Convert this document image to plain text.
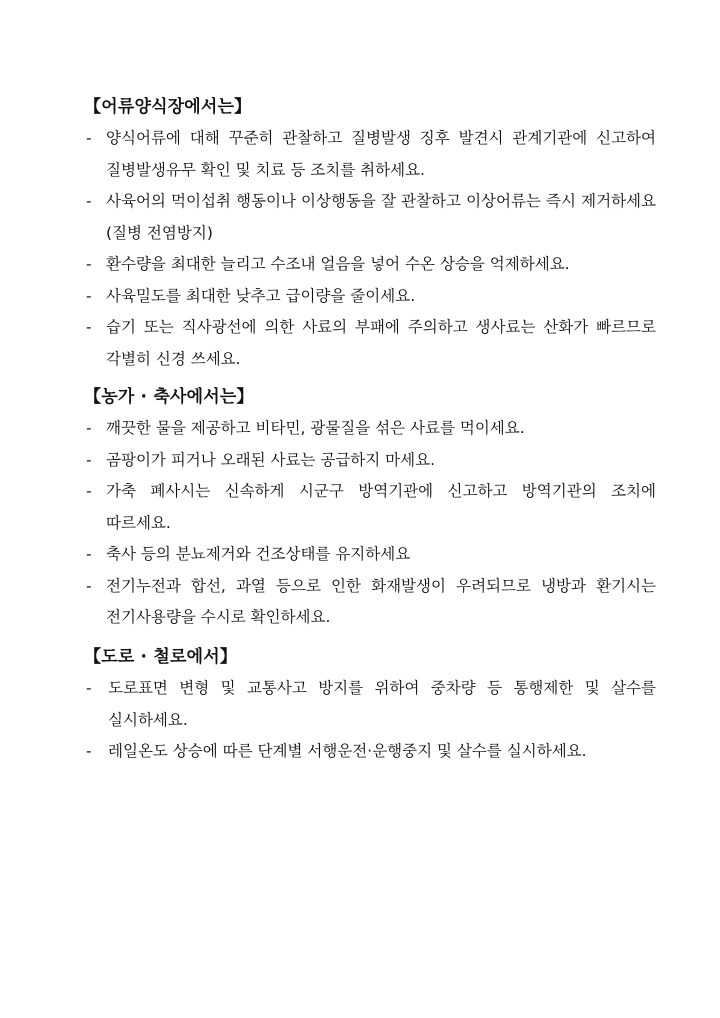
【어류양식장에서는】
- 양식어류에 대해 꾸준히 관찰하고 질병발생 징후 발견시 관계기관에 신고하여 질병발생유무 확인 및 치료 등 조치를 취하세요.
- 사육어의 먹이섭취 행동이나 이상행동을 잘 관찰하고 이상어류는 즉시 제거하세요(질병 전염방지)
- 환수량을 최대한 늘리고 수조내 얼음을 넣어 수온 상승을 억제하세요.
- 사육밀도를 최대한 낮추고 급이량을 줄이세요.
- 습기 또는 직사광선에 의한 사료의 부패에 주의하고 생사료는 산화가 빠르므로 각별히 신경 쓰세요.
【농가 · 축사에서는】
- 깨끗한 물을 제공하고 비타민, 광물질을 섞은 사료를 먹이세요.
- 곰팡이가 피거나 오래된 사료는 공급하지 마세요.
- 가축 폐사시는 신속하게 시군구 방역기관에 신고하고 방역기관의 조치에 따르세요.
- 축사 등의 분뇨제거와 건조상태를 유지하세요
- 전기누전과 합선, 과열 등으로 인한 화재발생이 우려되므로 냉방과 환기시는 전기사용량을 수시로 확인하세요.
【도로 · 철로에서】
- 도로표면 변형 및 교통사고 방지를 위하여 중차량 등 통행제한 및 살수를 실시하세요.
- 레일온도 상승에 따른 단계별 서행운전·운행중지 및 살수를 실시하세요.
